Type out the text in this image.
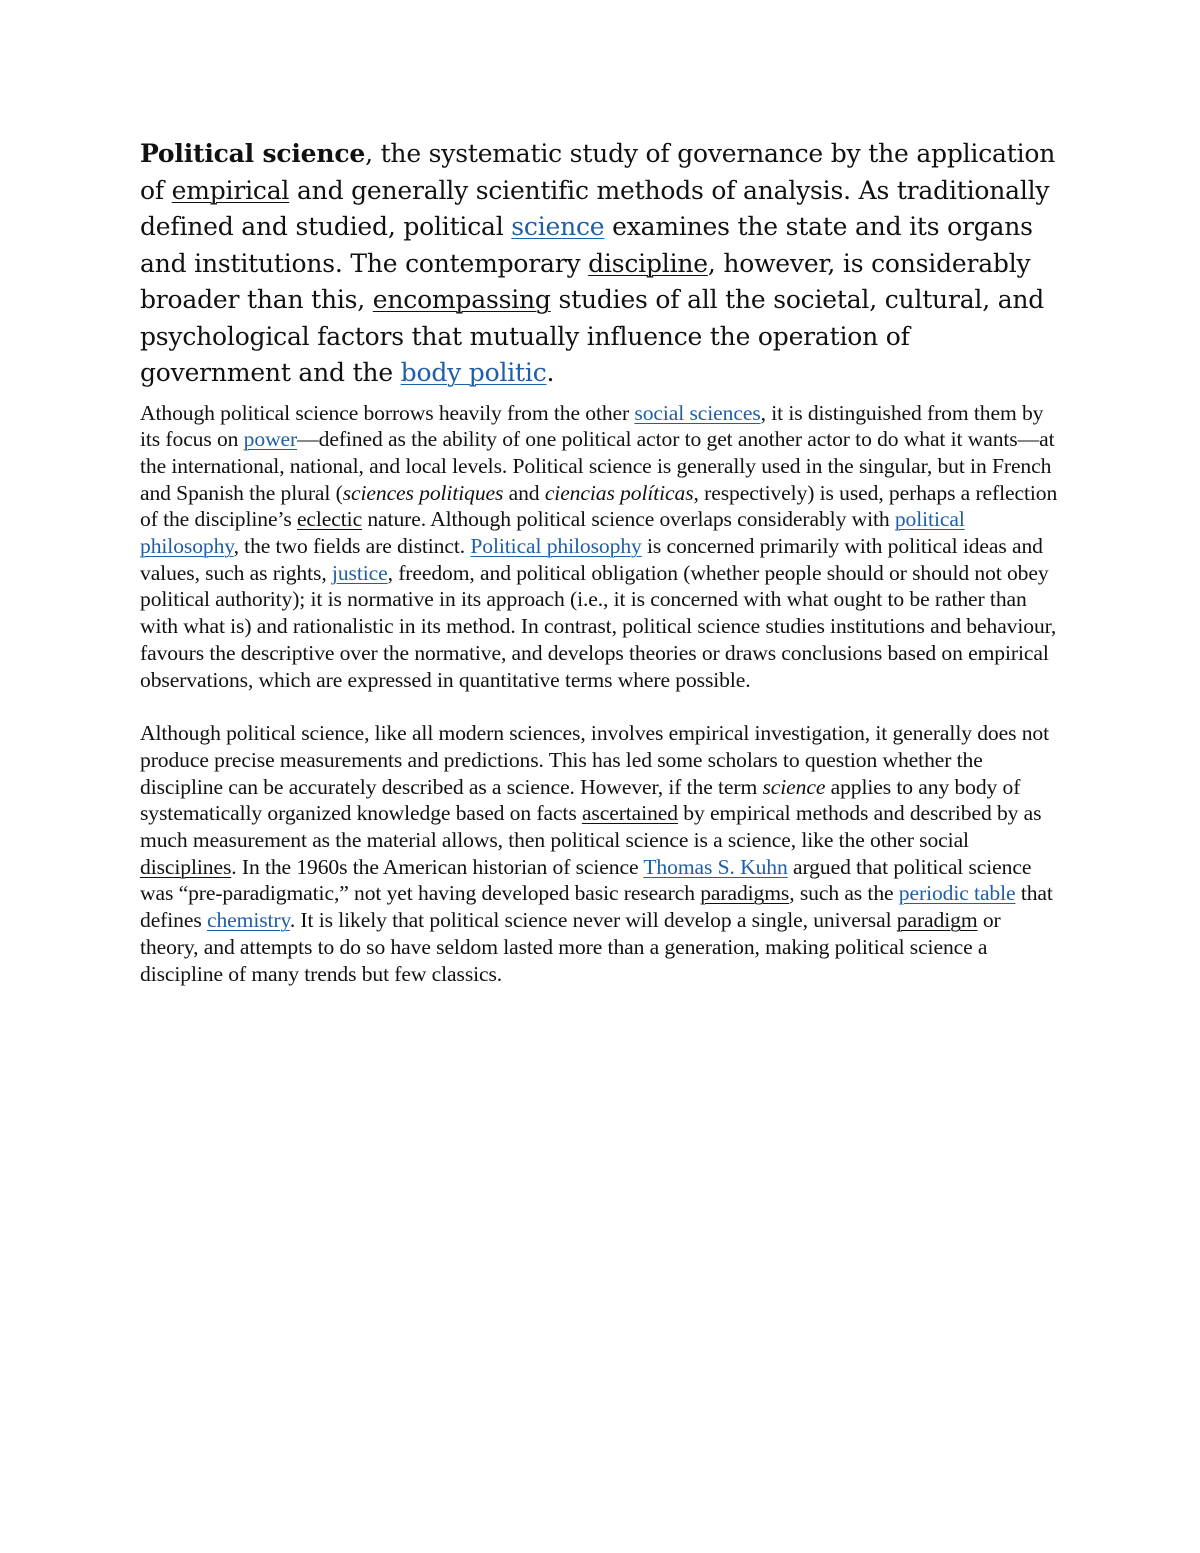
Political science, the systematic study of governance by the application of empirical and generally scientific methods of analysis. As traditionally defined and studied, political science examines the state and its organs and institutions. The contemporary discipline, however, is considerably broader than this, encompassing studies of all the societal, cultural, and psychological factors that mutually influence the operation of government and the body politic.

Athough political science borrows heavily from the other social sciences, it is distinguished from them by its focus on power—defined as the ability of one political actor to get another actor to do what it wants—at the international, national, and local levels. Political science is generally used in the singular, but in French and Spanish the plural (sciences politiques and ciencias políticas, respectively) is used, perhaps a reflection of the discipline’s eclectic nature. Although political science overlaps considerably with political philosophy, the two fields are distinct. Political philosophy is concerned primarily with political ideas and values, such as rights, justice, freedom, and political obligation (whether people should or should not obey political authority); it is normative in its approach (i.e., it is concerned with what ought to be rather than with what is) and rationalistic in its method. In contrast, political science studies institutions and behaviour, favours the descriptive over the normative, and develops theories or draws conclusions based on empirical observations, which are expressed in quantitative terms where possible.

Although political science, like all modern sciences, involves empirical investigation, it generally does not produce precise measurements and predictions. This has led some scholars to question whether the discipline can be accurately described as a science. However, if the term science applies to any body of systematically organized knowledge based on facts ascertained by empirical methods and described by as much measurement as the material allows, then political science is a science, like the other social disciplines. In the 1960s the American historian of science Thomas S. Kuhn argued that political science was “pre-paradigmatic,” not yet having developed basic research paradigms, such as the periodic table that defines chemistry. It is likely that political science never will develop a single, universal paradigm or theory, and attempts to do so have seldom lasted more than a generation, making political science a discipline of many trends but few classics.
